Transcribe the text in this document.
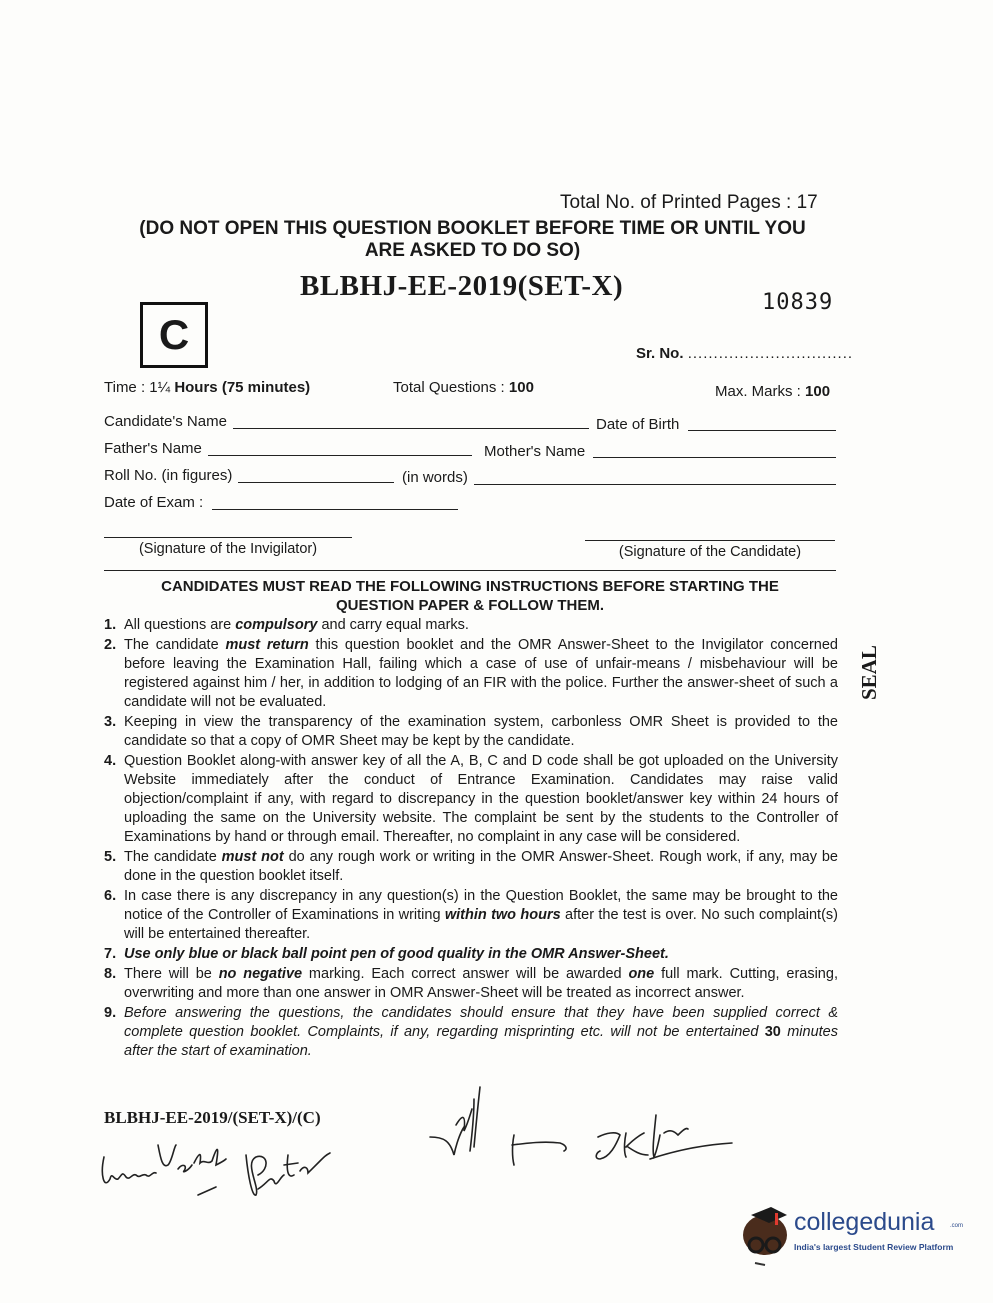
Total No. of Printed Pages : 17
(DO NOT OPEN THIS QUESTION BOOKLET BEFORE TIME OR UNTIL YOU
ARE ASKED TO DO SO)
BLBHJ-EE-2019(SET-X)
10839
C	Sr. No. ................................
Time : 1¼ Hours (75 minutes)	Total Questions : 100	Max. Marks : 100
Candidate's Name	Date of Birth
Father's Name	Mother's Name
Roll No. (in figures)	(in words)
Date of Exam :
(Signature of the Invigilator)	(Signature of the Candidate)
CANDIDATES MUST READ THE FOLLOWING INSTRUCTIONS BEFORE STARTING THE
QUESTION PAPER & FOLLOW THEM.
1. All questions are compulsory and carry equal marks.
2. The candidate must return this question booklet and the OMR Answer-Sheet to the Invigilator concerned before leaving the Examination Hall, failing which a case of use of unfair-means / misbehaviour will be registered against him / her, in addition to lodging of an FIR with the police. Further the answer-sheet of such a candidate will not be evaluated.
3. Keeping in view the transparency of the examination system, carbonless OMR Sheet is provided to the candidate so that a copy of OMR Sheet may be kept by the candidate.
4. Question Booklet along-with answer key of all the A, B, C and D code shall be got uploaded on the University Website immediately after the conduct of Entrance Examination. Candidates may raise valid objection/complaint if any, with regard to discrepancy in the question booklet/answer key within 24 hours of uploading the same on the University website. The complaint be sent by the students to the Controller of Examinations by hand or through email. Thereafter, no complaint in any case will be considered.
5. The candidate must not do any rough work or writing in the OMR Answer-Sheet. Rough work, if any, may be done in the question booklet itself.
6. In case there is any discrepancy in any question(s) in the Question Booklet, the same may be brought to the notice of the Controller of Examinations in writing within two hours after the test is over. No such complaint(s) will be entertained thereafter.
7. Use only blue or black ball point pen of good quality in the OMR Answer-Sheet.
8. There will be no negative marking. Each correct answer will be awarded one full mark. Cutting, erasing, overwriting and more than one answer in OMR Answer-Sheet will be treated as incorrect answer.
9. Before answering the questions, the candidates should ensure that they have been supplied correct & complete question booklet. Complaints, if any, regarding misprinting etc. will not be entertained 30 minutes after the start of examination.
SEAL
BLBHJ-EE-2019/(SET-X)/(C)
collegedunia	.com
India's largest Student Review Platform
